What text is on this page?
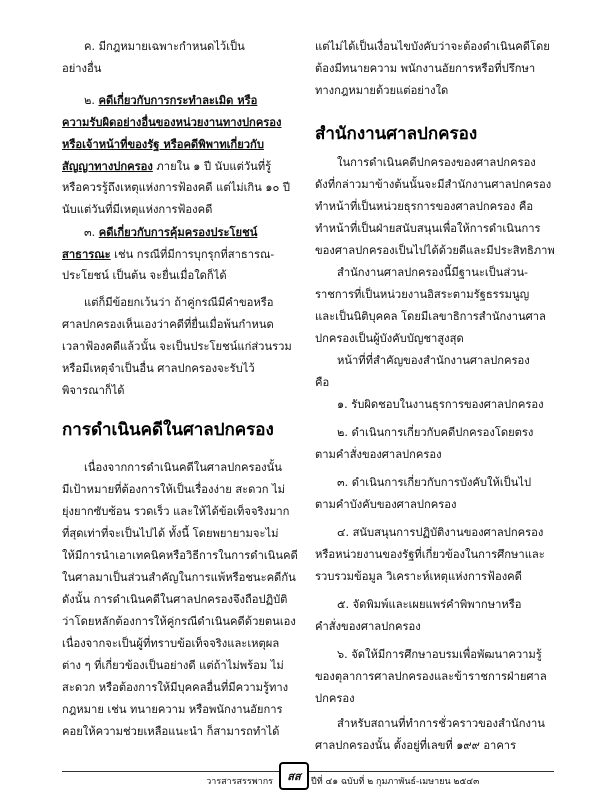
ค. มีกฎหมายเฉพาะกำหนดไว้เป็น
อย่างอื่น
๒. คดีเกี่ยวกับการกระทำละเมิด หรือ
ความรับผิดอย่างอื่นของหน่วยงานทางปกครอง
หรือเจ้าหน้าที่ของรัฐ หรือคดีพิพาทเกี่ยวกับ
สัญญาทางปกครอง ภายใน ๑ ปี นับแต่วันที่รู้
หรือควรรู้ถึงเหตุแห่งการฟ้องคดี แต่ไม่เกิน ๑๐ ปี
นับแต่วันที่มีเหตุแห่งการฟ้องคดี
๓. คดีเกี่ยวกับการคุ้มครองประโยชน์
สาธารณะ เช่น กรณีที่มีการบุกรุกที่สาธารณ-
ประโยชน์ เป็นต้น จะยื่นเมื่อใดก็ได้
แต่ก็มีข้อยกเว้นว่า ถ้าคู่กรณีมีคำขอหรือ
ศาลปกครองเห็นเองว่าคดีที่ยื่นเมื่อพ้นกำหนด
เวลาฟ้องคดีแล้วนั้น จะเป็นประโยชน์แก่ส่วนรวม
หรือมีเหตุจำเป็นอื่น ศาลปกครองจะรับไว้
พิจารณาก็ได้
การดำเนินคดีในศาลปกครอง
เนื่องจากการดำเนินคดีในศาลปกครองนั้น
มีเป้าหมายที่ต้องการให้เป็นเรื่องง่าย สะดวก ไม่
ยุ่งยากซับซ้อน รวดเร็ว และให้ได้ข้อเท็จจริงมาก
ที่สุดเท่าที่จะเป็นไปได้ ทั้งนี้ โดยพยายามจะไม่
ให้มีการนำเอาเทคนิคหรือวิธีการในการดำเนินคดี
ในศาลมาเป็นส่วนสำคัญในการแพ้หรือชนะคดีกัน
ดังนั้น การดำเนินคดีในศาลปกครองจึงถือปฏิบัติ
ว่าโดยหลักต้องการให้คู่กรณีดำเนินคดีด้วยตนเอง
เนื่องจากจะเป็นผู้ที่ทราบข้อเท็จจริงและเหตุผล
ต่าง ๆ ที่เกี่ยวข้องเป็นอย่างดี แต่ถ้าไม่พร้อม ไม่
สะดวก หรือต้องการให้มีบุคคลอื่นที่มีความรู้ทาง
กฎหมาย เช่น ทนายความ หรือพนักงานอัยการ
คอยให้ความช่วยเหลือแนะนำ ก็สามารถทำได้
แต่ไม่ได้เป็นเงื่อนไขบังคับว่าจะต้องดำเนินคดีโดย
ต้องมีทนายความ พนักงานอัยการหรือที่ปรึกษา
ทางกฎหมายด้วยแต่อย่างใด
สำนักงานศาลปกครอง
ในการดำเนินคดีปกครองของศาลปกครอง
ดังที่กล่าวมาข้างต้นนั้นจะมีสำนักงานศาลปกครอง
ทำหน้าที่เป็นหน่วยธุรการของศาลปกครอง คือ
ทำหน้าที่เป็นฝ่ายสนับสนุนเพื่อให้การดำเนินการ
ของศาลปกครองเป็นไปได้ด้วยดีและมีประสิทธิภาพ
สำนักงานศาลปกครองนี้มีฐานะเป็นส่วน-
ราชการที่เป็นหน่วยงานอิสระตามรัฐธรรมนูญ
และเป็นนิติบุคคล โดยมีเลขาธิการสำนักงานศาล
ปกครองเป็นผู้บังคับบัญชาสูงสุด
หน้าที่ที่สำคัญของสำนักงานศาลปกครอง
คือ
๑. รับผิดชอบในงานธุรการของศาลปกครอง
๒. ดำเนินการเกี่ยวกับคดีปกครองโดยตรง
ตามคำสั่งของศาลปกครอง
๓. ดำเนินการเกี่ยวกับการบังคับให้เป็นไป
ตามคำบังคับของศาลปกครอง
๔. สนับสนุนการปฏิบัติงานของศาลปกครอง
หรือหน่วยงานของรัฐที่เกี่ยวข้องในการศึกษาและ
รวบรวมข้อมูล วิเคราะห์เหตุแห่งการฟ้องคดี
๕. จัดพิมพ์และเผยแพร่คำพิพากษาหรือ
คำสั่งของศาลปกครอง
๖. จัดให้มีการศึกษาอบรมเพื่อพัฒนาความรู้
ของตุลาการศาลปกครองและข้าราชการฝ่ายศาล
ปกครอง
สำหรับสถานที่ทำการชั่วคราวของสำนักงาน
ศาลปกครองนั้น ตั้งอยู่ที่เลขที่ ๑๙๙ อาคาร
วารสารสรรพากร	สส	ปีที่ ๔๑ ฉบับที่ ๒ กุมภาพันธ์-เมษายน ๒๕๔๓
